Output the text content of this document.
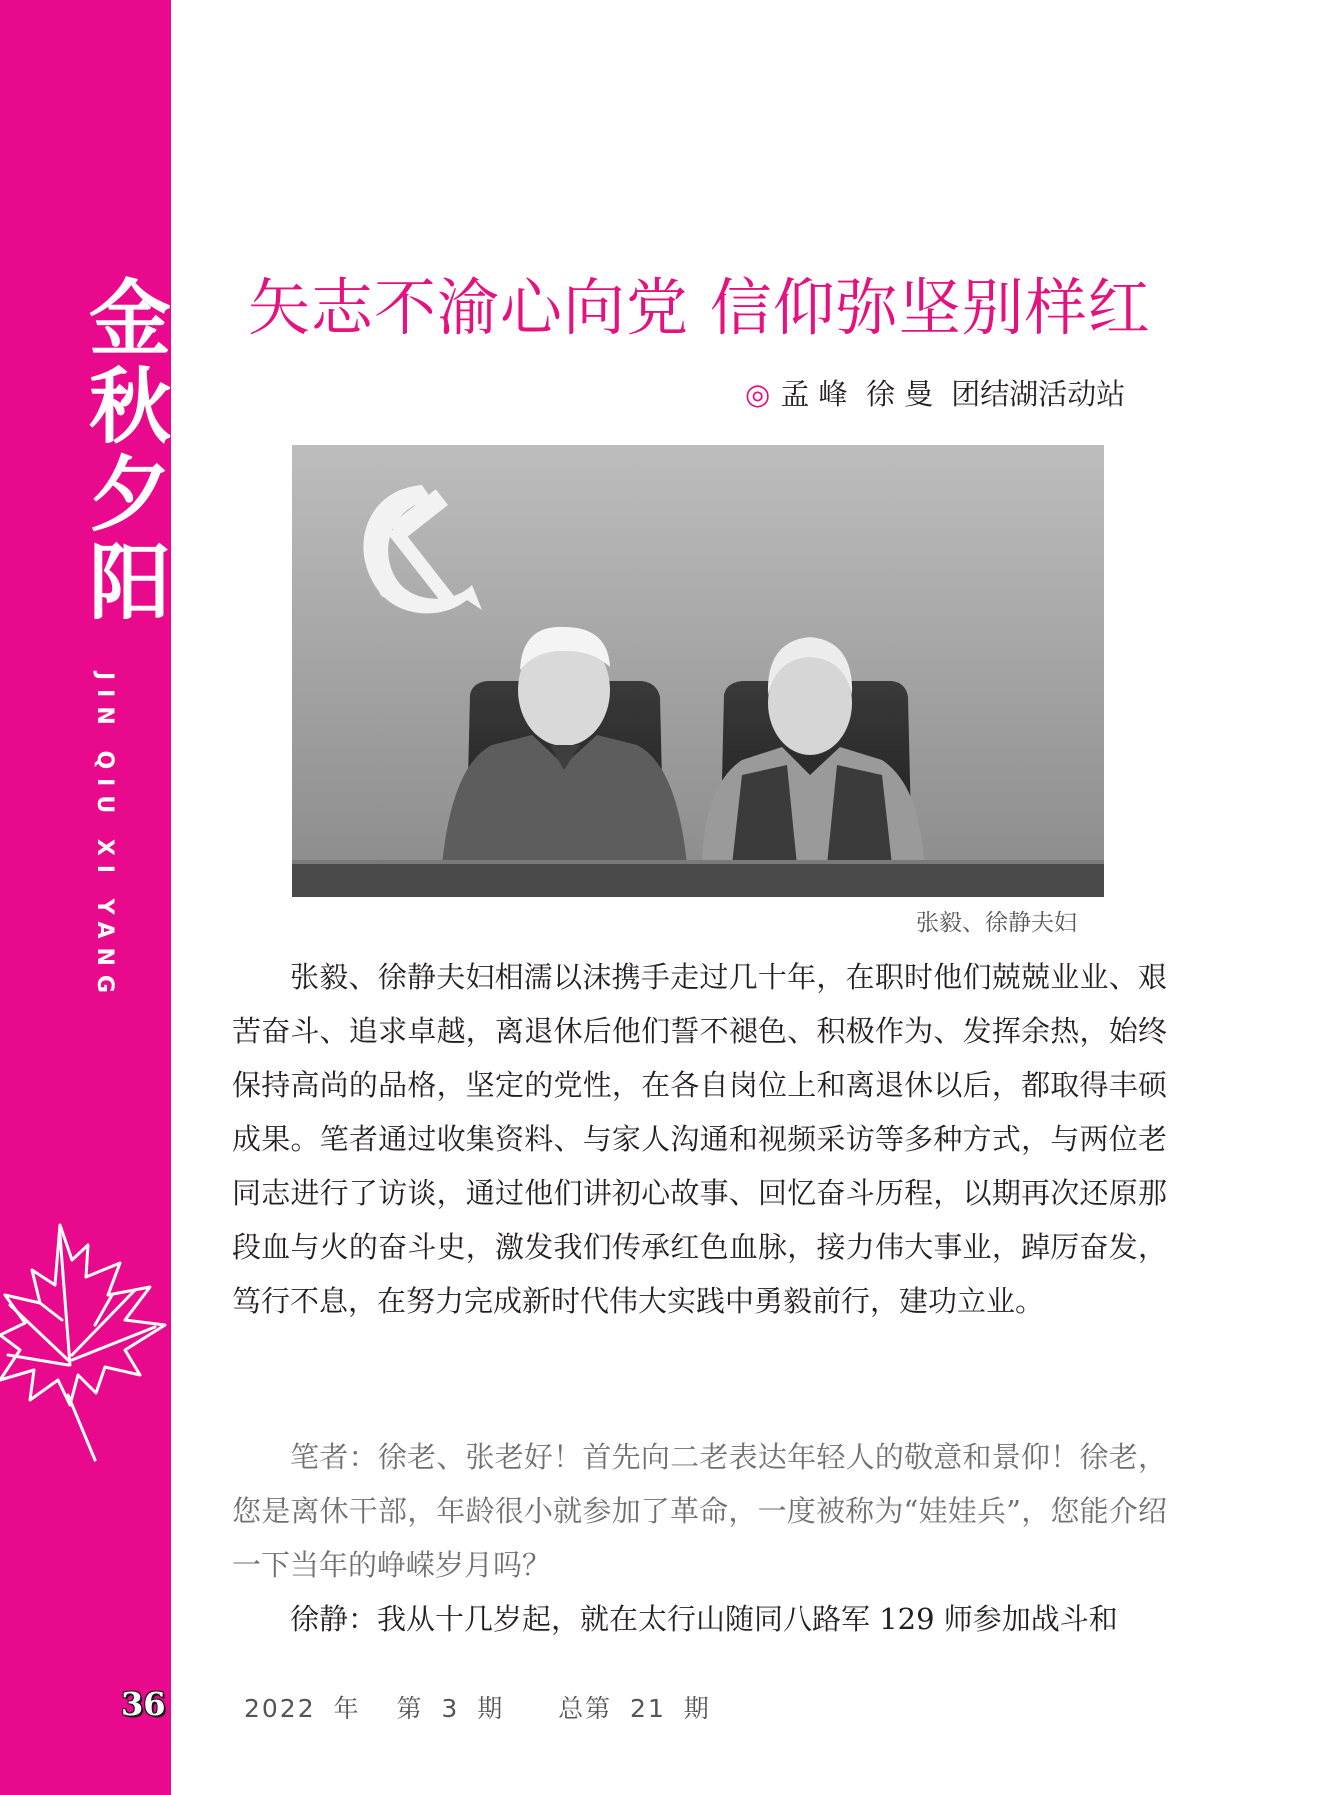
金
秋
夕
阳
JIN QIU XI YANG
36
矢志不渝心向党 信仰弥坚别样红
◎ 孟 峰  徐 曼 团结湖活动站
张毅、徐静夫妇

张毅、徐静夫妇相濡以沫携手走过几十年，在职时他们兢兢业业、艰苦奋斗、追求卓越，离退休后他们誓不褪色、积极作为、发挥余热，始终保持高尚的品格，坚定的党性，在各自岗位上和离退休以后，都取得丰硕成果。笔者通过收集资料、与家人沟通和视频采访等多种方式，与两位老同志进行了访谈，通过他们讲初心故事、回忆奋斗历程，以期再次还原那段血与火的奋斗史，激发我们传承红色血脉，接力伟大事业，踔厉奋发，笃行不息，在努力完成新时代伟大实践中勇毅前行，建功立业。

笔者：徐老、张老好！首先向二老表达年轻人的敬意和景仰！徐老，您是离休干部，年龄很小就参加了革命，一度被称为“娃娃兵”，您能介绍一下当年的峥嵘岁月吗？

徐静：我从十几岁起，就在太行山随同八路军 129 师参加战斗和

2022 年  第 3 期   总第 21 期
